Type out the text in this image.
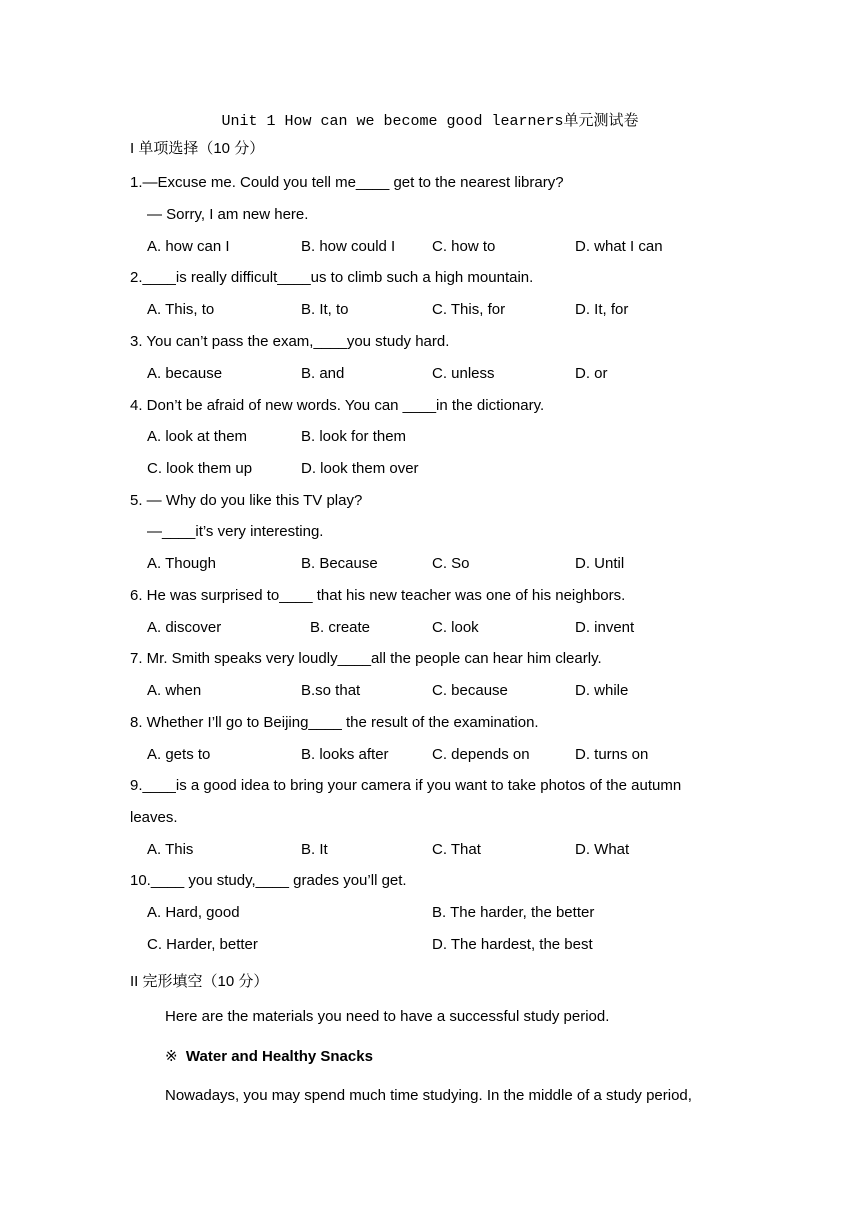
Unit 1 How can we become good learners单元测试卷
I 单项选择（10 分）
1.—Excuse me. Could you tell me____ get to the nearest library?
— Sorry, I am new here.
A. how can I	B. how could I C. how to	D. what I can
2.____is really difficult____us to climb such a high mountain.
A. This, to	B. It, to	C. This, for	D. It, for
3. You can’t pass the exam,____you study hard.
A. because	B. and	C. unless	D. or
4. Don’t be afraid of new words. You can ____in the dictionary.
A. look at them	B. look for them
C. look them up	D. look them over
5. — Why do you like this TV play?
—____it’s very interesting.
A. Though	B. Because	C. So	D. Until
6. He was surprised to____ that his new teacher was one of his neighbors.
A. discover	B. create	C. look	D. invent
7. Mr. Smith speaks very loudly____all the people can hear him clearly.
A. when	B.so that	C. because	D. while
8. Whether I’ll go to Beijing____ the result of the examination.
A. gets to	B. looks after	C. depends on	D. turns on
9.____is a good idea to bring your camera if you want to take photos of the autumn
leaves.
A. This	B. It	C. That	D. What
10.____ you study,____ grades you’ll get.
A. Hard, good	B. The harder, the better
C. Harder, better	D. The hardest, the best
II 完形填空（10 分）
Here are the materials you need to have a successful study period.
※ Water and Healthy Snacks
Nowadays, you may spend much time studying. In the middle of a study period,
